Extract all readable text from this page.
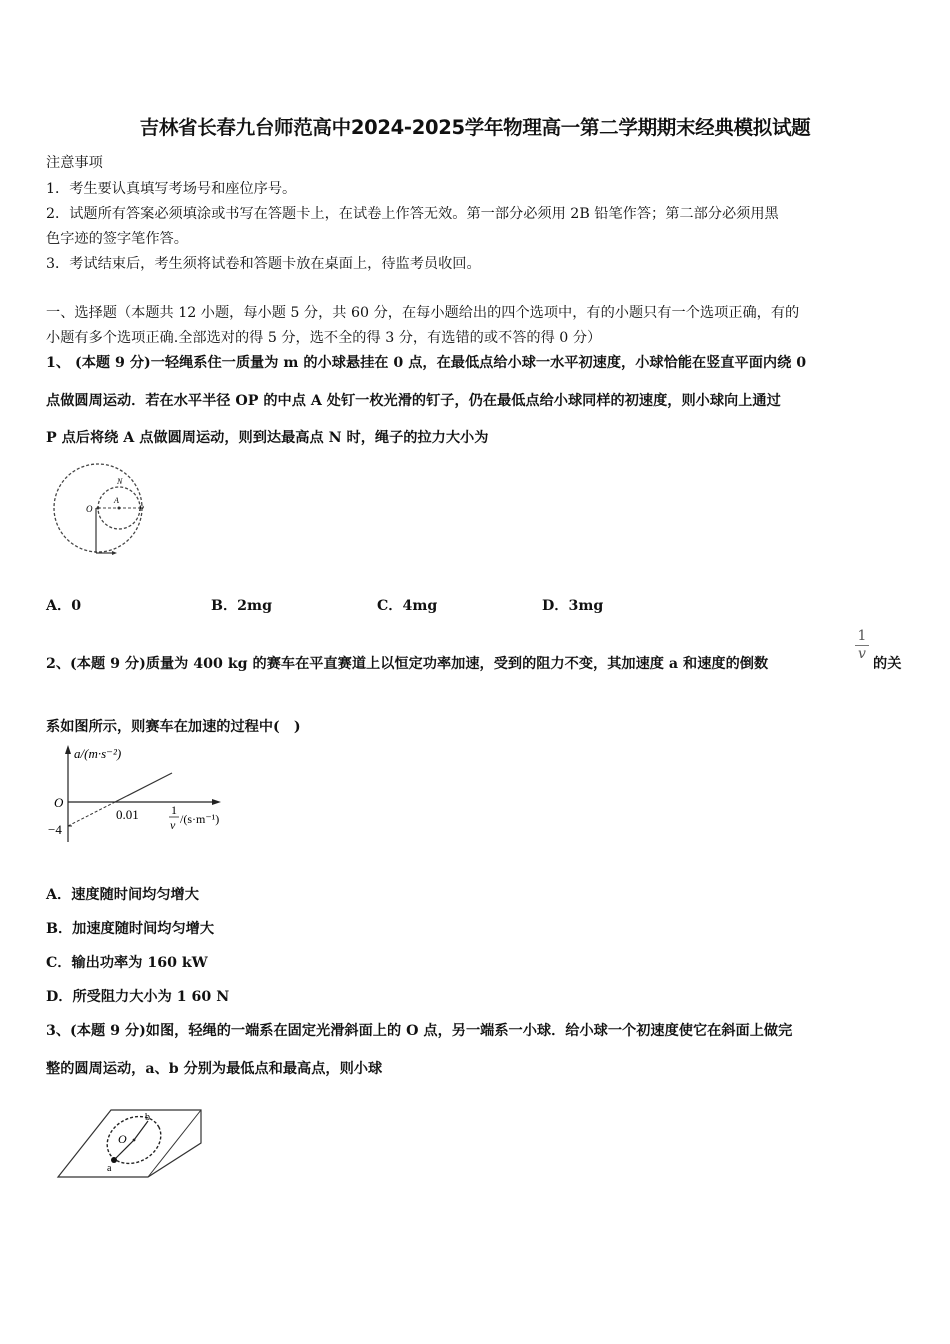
吉林省长春九台师范高中2024-2025学年物理高一第二学期期末经典模拟试题
注意事项
1．考生要认真填写考场号和座位序号。
2．试题所有答案必须填涂或书写在答题卡上，在试卷上作答无效。第一部分必须用 2B 铅笔作答；第二部分必须用黑
色字迹的签字笔作答。
3．考试结束后，考生须将试卷和答题卡放在桌面上，待监考员收回。
一、选择题（本题共 12 小题，每小题 5 分，共 60 分，在每小题给出的四个选项中，有的小题只有一个选项正确，有的
小题有多个选项正确.全部选对的得 5 分，选不全的得 3 分，有选错的或不答的得 0 分）
1、 (本题 9 分)一轻绳系住一质量为 m 的小球悬挂在 0 点，在最低点给小球一水平初速度，小球恰能在竖直平面内绕 0
点做圆周运动．若在水平半径 OP 的中点 A 处钉一枚光滑的钉子，仍在最低点给小球同样的初速度，则小球向上通过
P 点后将绕 A 点做圆周运动，则到达最高点 N 时，绳子的拉力大小为
O
A
N
P
A．0	B．2mg	C．4mg	D．3mg
2、(本题 9 分)质量为 400 kg 的赛车在平直赛道上以恒定功率加速，受到的阻力不变，其加速度 a 和速度的倒数
$\frac{1}{v}$
的关
系如图所示，则赛车在加速的过程中(　)
a/(m·s⁻²)
O
−4
0.01	1
v /(s·m⁻¹)
A．速度随时间均匀增大
B．加速度随时间均匀增大
C．输出功率为 160 kW
D．所受阻力大小为 1 60 N
3、(本题 9 分)如图，轻绳的一端系在固定光滑斜面上的 O 点，另一端系一小球．给小球一个初速度使它在斜面上做完
整的圆周运动，a、b 分别为最低点和最高点，则小球
O
a
b
